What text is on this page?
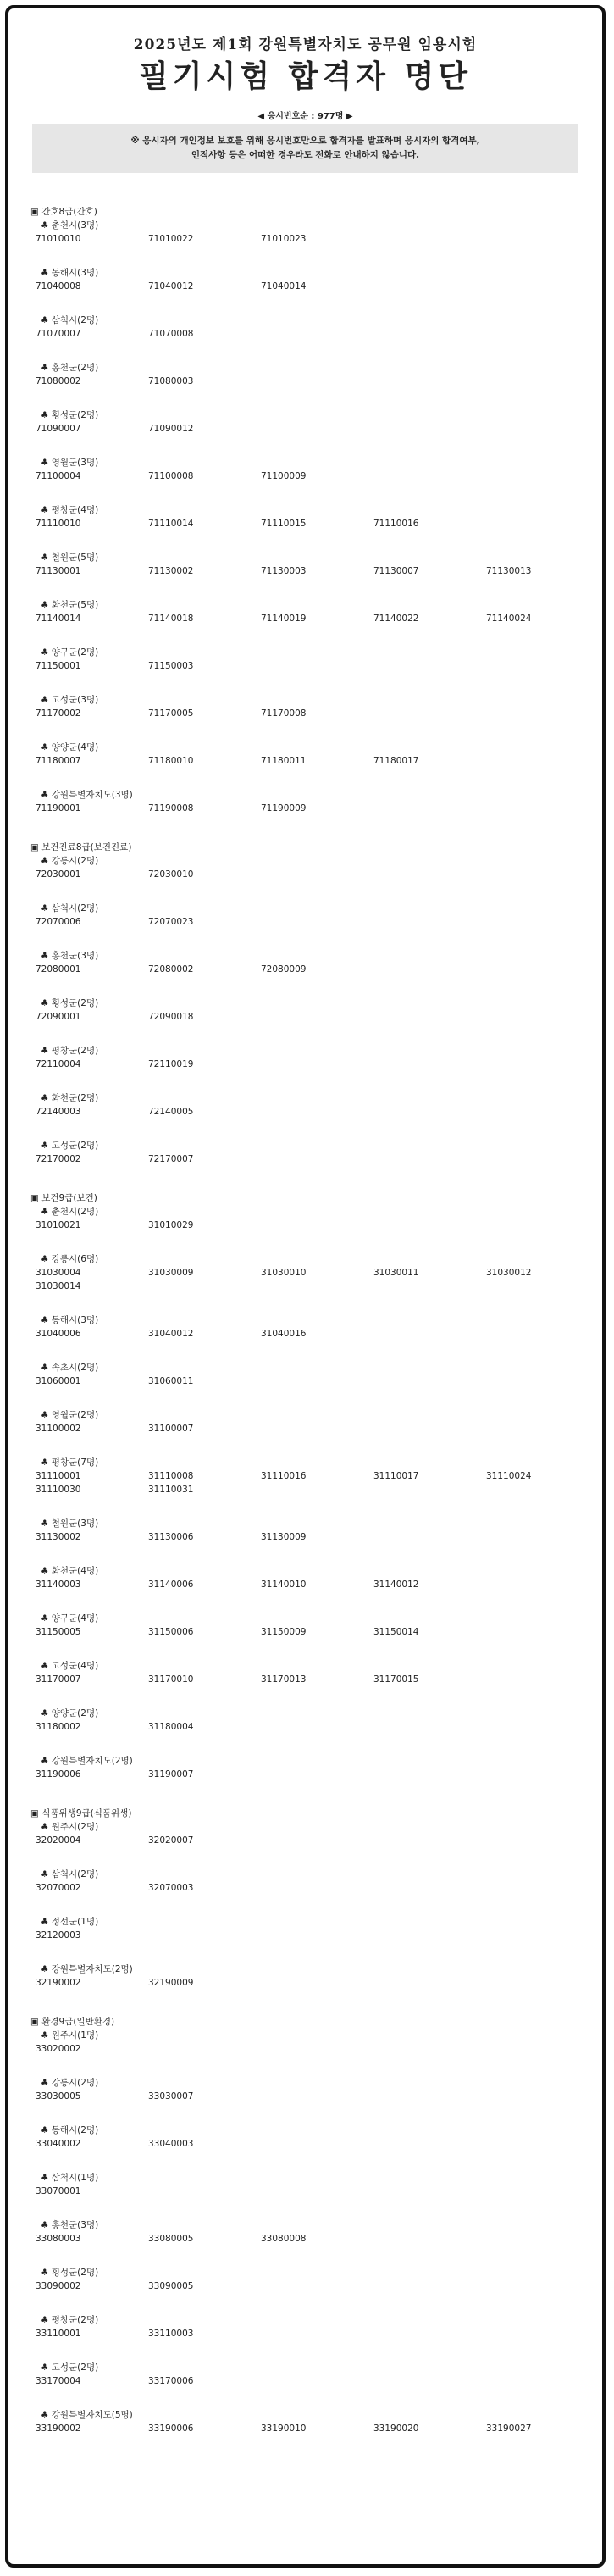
2025년도 제1회 강원특별자치도 공무원 임용시험
필기시험 합격자 명단
◀ 응시번호순 : 977명 ▶
※ 응시자의 개인정보 보호를 위해 응시번호만으로 합격자를 발표하며 응시자의 합격여부,
인적사항 등은 어떠한 경우라도 전화로 안내하지 않습니다.
▣ 간호8급(간호)
♣ 춘천시(3명)
71010010	71010022	71010023
♣ 동해시(3명)
71040008	71040012	71040014
♣ 삼척시(2명)
71070007	71070008
♣ 홍천군(2명)
71080002	71080003
♣ 횡성군(2명)
71090007	71090012
♣ 영월군(3명)
71100004	71100008	71100009
♣ 평창군(4명)
71110010	71110014	71110015	71110016
♣ 철원군(5명)
71130001	71130002	71130003	71130007	71130013
♣ 화천군(5명)
71140014	71140018	71140019	71140022	71140024
♣ 양구군(2명)
71150001	71150003
♣ 고성군(3명)
71170002	71170005	71170008
♣ 양양군(4명)
71180007	71180010	71180011	71180017
♣ 강원특별자치도(3명)
71190001	71190008	71190009
▣ 보건진료8급(보건진료)
♣ 강릉시(2명)
72030001	72030010
♣ 삼척시(2명)
72070006	72070023
♣ 홍천군(3명)
72080001	72080002	72080009
♣ 횡성군(2명)
72090001	72090018
♣ 평창군(2명)
72110004	72110019
♣ 화천군(2명)
72140003	72140005
♣ 고성군(2명)
72170002	72170007
▣ 보건9급(보건)
♣ 춘천시(2명)
31010021	31010029
♣ 강릉시(6명)
31030004	31030009	31030010	31030011	31030012
31030014
♣ 동해시(3명)
31040006	31040012	31040016
♣ 속초시(2명)
31060001	31060011
♣ 영월군(2명)
31100002	31100007
♣ 평창군(7명)
31110001	31110008	31110016	31110017	31110024
31110030	31110031
♣ 철원군(3명)
31130002	31130006	31130009
♣ 화천군(4명)
31140003	31140006	31140010	31140012
♣ 양구군(4명)
31150005	31150006	31150009	31150014
♣ 고성군(4명)
31170007	31170010	31170013	31170015
♣ 양양군(2명)
31180002	31180004
♣ 강원특별자치도(2명)
31190006	31190007
▣ 식품위생9급(식품위생)
♣ 원주시(2명)
32020004	32020007
♣ 삼척시(2명)
32070002	32070003
♣ 정선군(1명)
32120003
♣ 강원특별자치도(2명)
32190002	32190009
▣ 환경9급(일반환경)
♣ 원주시(1명)
33020002
♣ 강릉시(2명)
33030005	33030007
♣ 동해시(2명)
33040002	33040003
♣ 삼척시(1명)
33070001
♣ 홍천군(3명)
33080003	33080005	33080008
♣ 횡성군(2명)
33090002	33090005
♣ 평창군(2명)
33110001	33110003
♣ 고성군(2명)
33170004	33170006
♣ 강원특별자치도(5명)
33190002	33190006	33190010	33190020	33190027
